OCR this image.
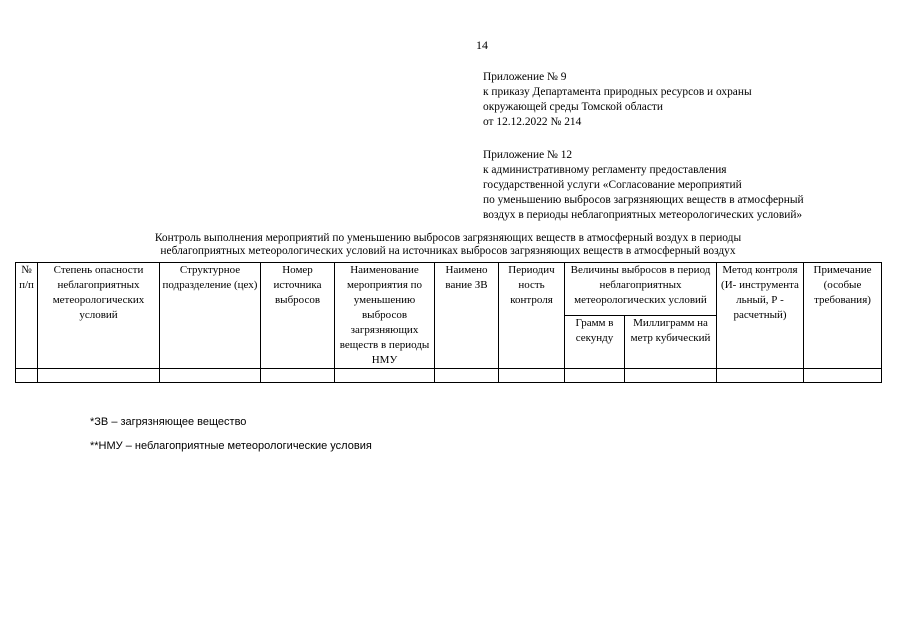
14
Приложение № 9
к приказу Департамента природных ресурсов и охраны
окружающей среды Томской области
от 12.12.2022 № 214
Приложение № 12
к административному регламенту предоставления
государственной услуги «Согласование мероприятий
по уменьшению выбросов загрязняющих веществ в атмосферный
воздух в периоды неблагоприятных метеорологических условий»
Контроль выполнения мероприятий по уменьшению выбросов загрязняющих веществ в атмосферный воздух в периоды
неблагоприятных метеорологических условий на источниках выбросов загрязняющих веществ в атмосферный воздух
№ п/п	Степень опасности неблагоприятных метеорологических условий	Структурное подразделение (цех)	Номер источника выбросов	Наименование мероприятия по уменьшению выбросов загрязняющих веществ в периоды НМУ	Наимено вание ЗВ	Периодич ность контроля	Величины выбросов в период неблагоприятных метеорологических условий		Метод контроля (И- инструмента льный, Р - расчетный)	Примечание (особые требования)
							Грамм в секунду	Миллиграмм на метр кубический		

*ЗВ – загрязняющее вещество
**НМУ – неблагоприятные метеорологические условия
